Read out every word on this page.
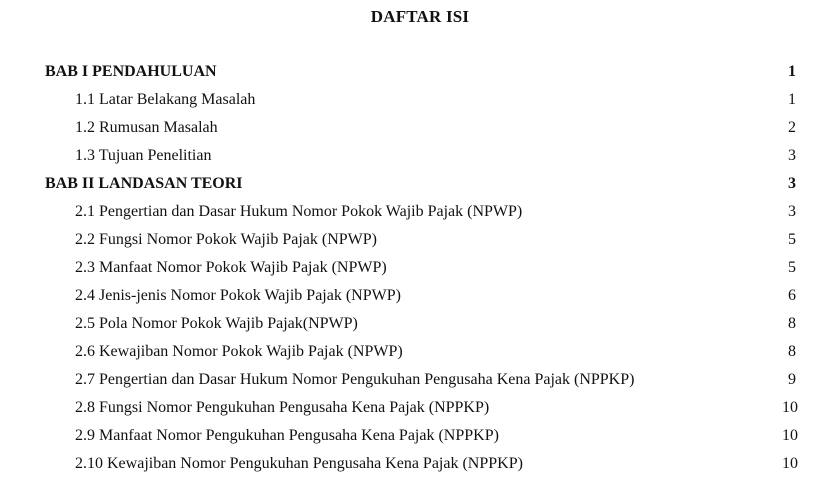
DAFTAR ISI
BAB I PENDAHULUAN	1
1.1 Latar Belakang Masalah	1
1.2 Rumusan Masalah	2
1.3 Tujuan Penelitian	3
BAB II LANDASAN TEORI	3
2.1 Pengertian dan Dasar Hukum Nomor Pokok Wajib Pajak (NPWP)	3
2.2 Fungsi Nomor Pokok Wajib Pajak (NPWP)	5
2.3 Manfaat Nomor Pokok Wajib Pajak (NPWP)	5
2.4 Jenis-jenis Nomor Pokok Wajib Pajak (NPWP)	6
2.5 Pola Nomor Pokok Wajib Pajak(NPWP)	8
2.6 Kewajiban Nomor Pokok Wajib Pajak (NPWP)	8
2.7 Pengertian dan Dasar Hukum Nomor Pengukuhan Pengusaha Kena Pajak (NPPKP)	9
2.8 Fungsi Nomor Pengukuhan Pengusaha Kena Pajak (NPPKP)	10
2.9 Manfaat Nomor Pengukuhan Pengusaha Kena Pajak (NPPKP)	10
2.10 Kewajiban Nomor Pengukuhan Pengusaha Kena Pajak (NPPKP)	10
